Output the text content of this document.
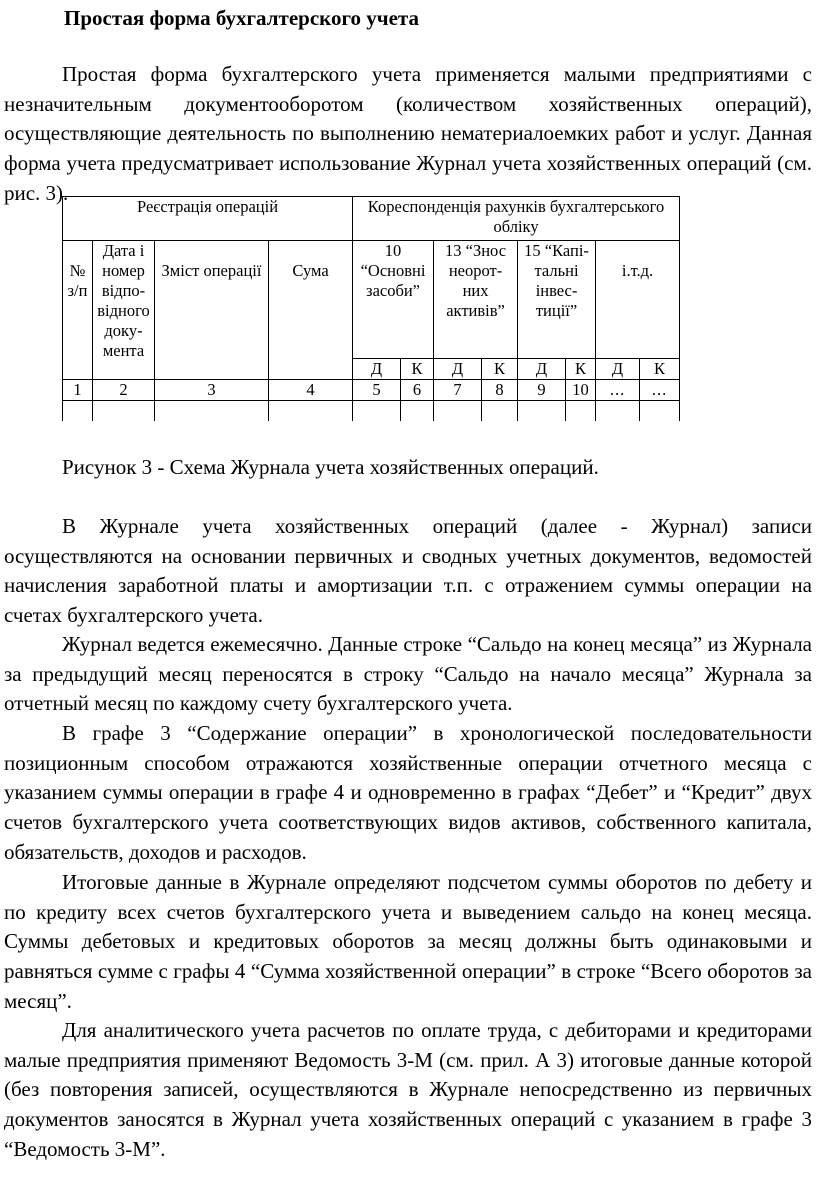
Простая форма бухгалтерского учета
Простая форма бухгалтерского учета применяется малыми предприятиями с незначительным документооборотом (количеством хозяйственных операций), осуществляющие деятельность по выполнению нематериалоемких работ и услуг. Данная форма учета предусматривает использование Журнал учета хозяйственных операций (см. рис. 3).
Реєстрація операцій				Кореспонденція рахунків бухгалтерського обліку							
№ з/п	Дата і номер відпо-відного доку-мента	Зміст операції	Сума	10 “Основні засоби”		13 “Знос неорот-них активів”		15 “Капі-тальні інвес-тиції”		і.т.д.	
				Д	К	Д	К	Д	К	Д	К
1	2	3	4	5	6	7	8	9	10	...	...

Рисунок 3 - Схема Журнала учета хозяйственных операций.
В Журнале учета хозяйственных операций (далее - Журнал) записи осуществляются на основании первичных и сводных учетных документов, ведомостей начисления заработной платы и амортизации т.п. с отражением суммы операции на счетах бухгалтерского учета.
Журнал ведется ежемесячно. Данные строке “Сальдо на конец месяца” из Журнала за предыдущий месяц переносятся в строку “Сальдо на начало месяца” Журнала за отчетный месяц по каждому счету бухгалтерского учета.
В графе 3 “Содержание операции” в хронологической последовательности позиционным способом отражаются хозяйственные операции отчетного месяца с указанием суммы операции в графе 4 и одновременно в графах “Дебет” и “Кредит” двух счетов бухгалтерского учета соответствующих видов активов, собственного капитала, обязательств, доходов и расходов.
Итоговые данные в Журнале определяют подсчетом суммы оборотов по дебету и по кредиту всех счетов бухгалтерского учета и выведением сальдо на конец месяца. Суммы дебетовых и кредитовых оборотов за месяц должны быть одинаковыми и равняться сумме с графы 4 “Сумма хозяйственной операции” в строке “Всего оборотов за месяц”.
Для аналитического учета расчетов по оплате труда, с дебиторами и кредиторами малые предприятия применяют Ведомость 3-М (см. прил. А 3) итоговые данные которой (без повторения записей, осуществляются в Журнале непосредственно из первичных документов заносятся в Журнал учета хозяйственных операций с указанием в графе 3 “Ведомость 3-М”.
